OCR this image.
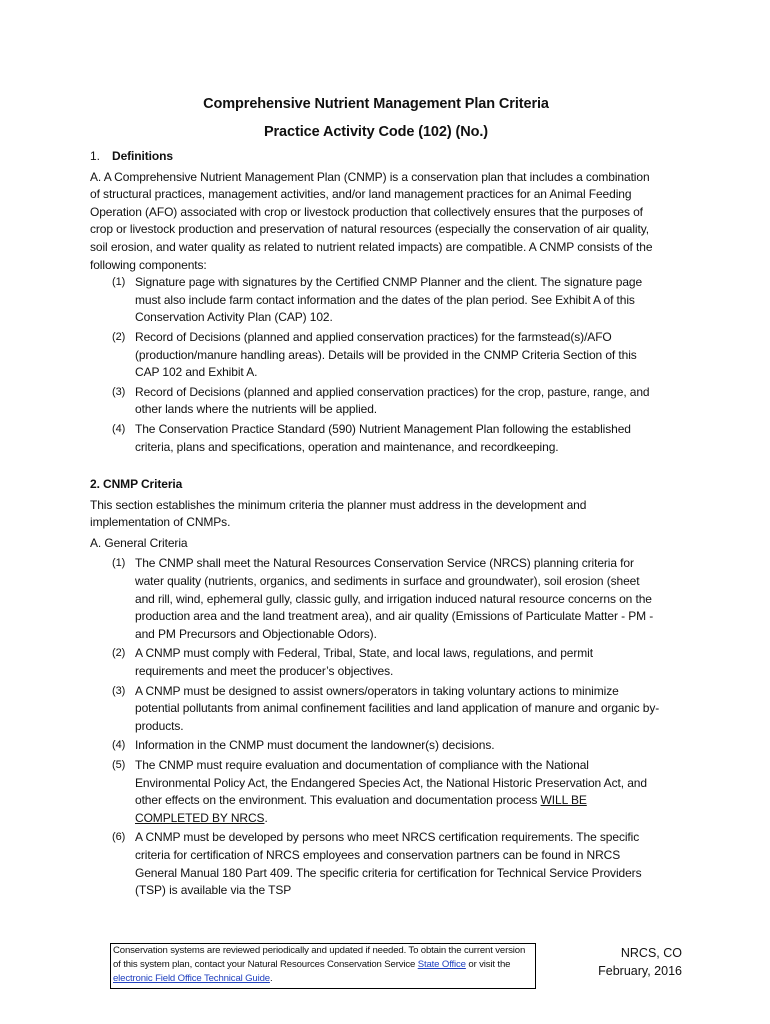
Comprehensive Nutrient Management Plan Criteria

Practice Activity Code (102) (No.)

1. Definitions

A. A Comprehensive Nutrient Management Plan (CNMP) is a conservation plan that includes a combination of structural practices, management activities, and/or land management practices for an Animal Feeding Operation (AFO) associated with crop or livestock production that collectively ensures that the purposes of crop or livestock production and preservation of natural resources (especially the conservation of air quality, soil erosion, and water quality as related to nutrient related impacts) are compatible. A CNMP consists of the following components:

(1) Signature page with signatures by the Certified CNMP Planner and the client. The signature page must also include farm contact information and the dates of the plan period. See Exhibit A of this Conservation Activity Plan (CAP) 102.
(2) Record of Decisions (planned and applied conservation practices) for the farmstead(s)/AFO (production/manure handling areas). Details will be provided in the CNMP Criteria Section of this CAP 102 and Exhibit A.
(3) Record of Decisions (planned and applied conservation practices) for the crop, pasture, range, and other lands where the nutrients will be applied.
(4) The Conservation Practice Standard (590) Nutrient Management Plan following the established criteria, plans and specifications, operation and maintenance, and recordkeeping.

2. CNMP Criteria

This section establishes the minimum criteria the planner must address in the development and implementation of CNMPs.

A. General Criteria

(1) The CNMP shall meet the Natural Resources Conservation Service (NRCS) planning criteria for water quality (nutrients, organics, and sediments in surface and groundwater), soil erosion (sheet and rill, wind, ephemeral gully, classic gully, and irrigation induced natural resource concerns on the production area and the land treatment area), and air quality (Emissions of Particulate Matter - PM - and PM Precursors and Objectionable Odors).
(2) A CNMP must comply with Federal, Tribal, State, and local laws, regulations, and permit requirements and meet the producer’s objectives.
(3) A CNMP must be designed to assist owners/operators in taking voluntary actions to minimize potential pollutants from animal confinement facilities and land application of manure and organic by-products.
(4) Information in the CNMP must document the landowner(s) decisions.
(5) The CNMP must require evaluation and documentation of compliance with the National Environmental Policy Act, the Endangered Species Act, the National Historic Preservation Act, and other effects on the environment. This evaluation and documentation process WILL BE COMPLETED BY NRCS.
(6) A CNMP must be developed by persons who meet NRCS certification requirements. The specific criteria for certification of NRCS employees and conservation partners can be found in NRCS General Manual 180 Part 409. The specific criteria for certification for Technical Service Providers (TSP) is available via the TSP
Conservation systems are reviewed periodically and updated if needed. To obtain the current version of this system plan, contact your Natural Resources Conservation Service State Office or visit the electronic Field Office Technical Guide.
NRCS, CO
February, 2016
